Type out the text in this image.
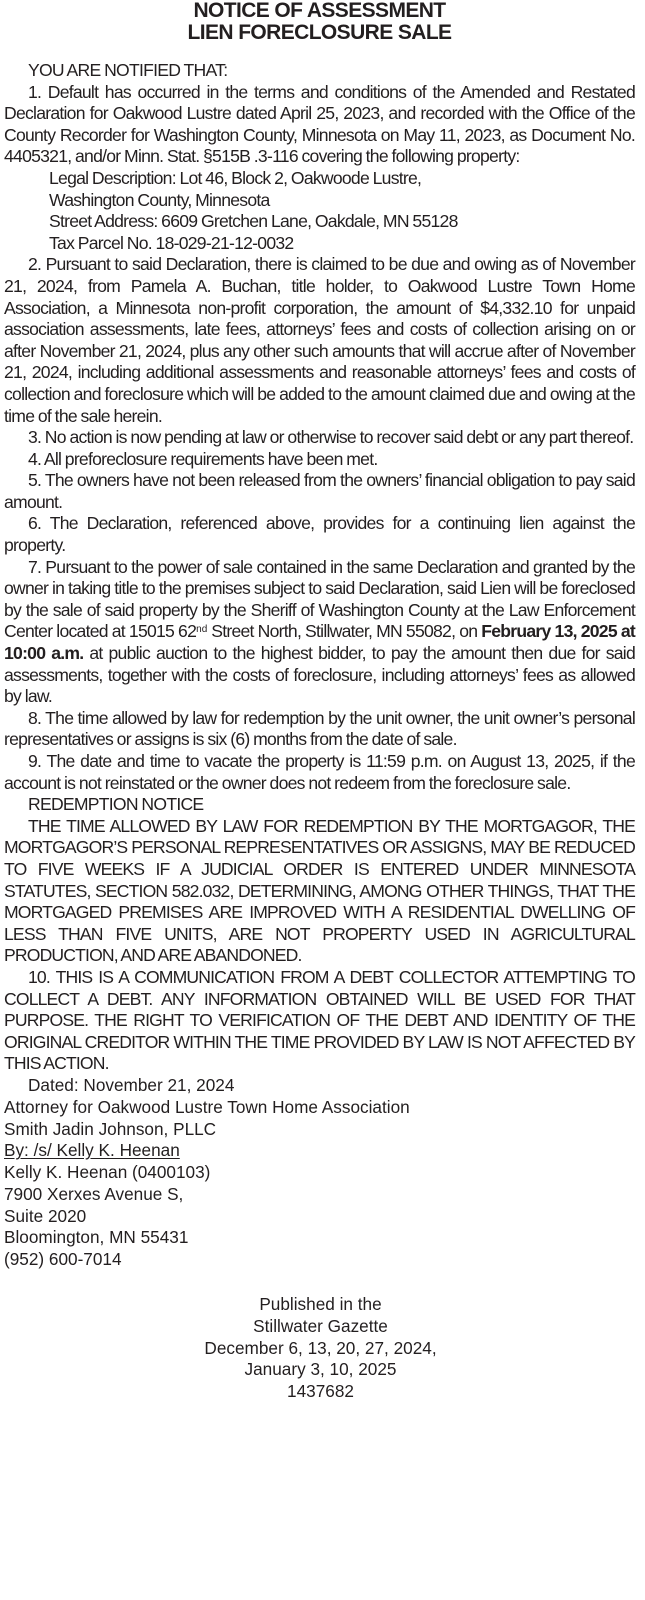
NOTICE OF ASSESSMENT
LIEN FORECLOSURE SALE

YOU ARE NOTIFIED THAT:

1. Default has occurred in the terms and conditions of the Amended and Restated Declaration for Oakwood Lustre dated April 25, 2023, and recorded with the Office of the County Recorder for Washington County, Minnesota on May 11, 2023, as Document No. 4405321, and/or Minn. Stat. §515B .3-116 covering the following property:

Legal Description: Lot 46, Block 2, Oakwoode Lustre,
Washington County, Minnesota
Street Address: 6609 Gretchen Lane, Oakdale, MN 55128
Tax Parcel No. 18-029-21-12-0032

2. Pursuant to said Declaration, there is claimed to be due and owing as of November 21, 2024, from Pamela A. Buchan, title holder, to Oakwood Lustre Town Home Association, a Minnesota non-profit corporation, the amount of $4,332.10 for unpaid association assessments, late fees, attorneys’ fees and costs of collection arising on or after November 21, 2024, plus any other such amounts that will accrue after of November 21, 2024, including additional assessments and reasonable attorneys’ fees and costs of collection and foreclosure which will be added to the amount claimed due and owing at the time of the sale herein.

3. No action is now pending at law or otherwise to recover said debt or any part thereof.

4. All preforeclosure requirements have been met.

5. The owners have not been released from the owners’ financial obligation to pay said amount.

6. The Declaration, referenced above, provides for a continuing lien against the property.

7. Pursuant to the power of sale contained in the same Declaration and granted by the owner in taking title to the premises subject to said Declaration, said Lien will be foreclosed by the sale of said property by the Sheriff of Washington County at the Law Enforcement Center located at 15015 62nd Street North, Stillwater, MN 55082, on February 13, 2025 at 10:00 a.m. at public auction to the highest bidder, to pay the amount then due for said assessments, together with the costs of foreclosure, including attorneys’ fees as allowed by law.

8. The time allowed by law for redemption by the unit owner, the unit owner’s personal representatives or assigns is six (6) months from the date of sale.

9. The date and time to vacate the property is 11:59 p.m. on August 13, 2025, if the account is not reinstated or the owner does not redeem from the foreclosure sale.

REDEMPTION NOTICE

THE TIME ALLOWED BY LAW FOR REDEMPTION BY THE MORTGAGOR, THE MORTGAGOR’S PERSONAL REPRESENTATIVES OR ASSIGNS, MAY BE REDUCED TO FIVE WEEKS IF A JUDICIAL ORDER IS ENTERED UNDER MINNESOTA STATUTES, SECTION 582.032, DETERMINING, AMONG OTHER THINGS, THAT THE MORTGAGED PREMISES ARE IMPROVED WITH A RESIDENTIAL DWELLING OF LESS THAN FIVE UNITS, ARE NOT PROPERTY USED IN AGRICULTURAL PRODUCTION, AND ARE ABANDONED.

10. THIS IS A COMMUNICATION FROM A DEBT COLLECTOR ATTEMPTING TO COLLECT A DEBT. ANY INFORMATION OBTAINED WILL BE USED FOR THAT PURPOSE. THE RIGHT TO VERIFICATION OF THE DEBT AND IDENTITY OF THE ORIGINAL CREDITOR WITHIN THE TIME PROVIDED BY LAW IS NOT AFFECTED BY THIS ACTION.

Dated: November 21, 2024
Attorney for Oakwood Lustre Town Home Association
Smith Jadin Johnson, PLLC
By: /s/ Kelly K. Heenan
Kelly K. Heenan (0400103)
7900 Xerxes Avenue S,
Suite 2020
Bloomington, MN 55431
(952) 600-7014
Published in the
Stillwater Gazette
December 6, 13, 20, 27, 2024,
January 3, 10, 2025
1437682
